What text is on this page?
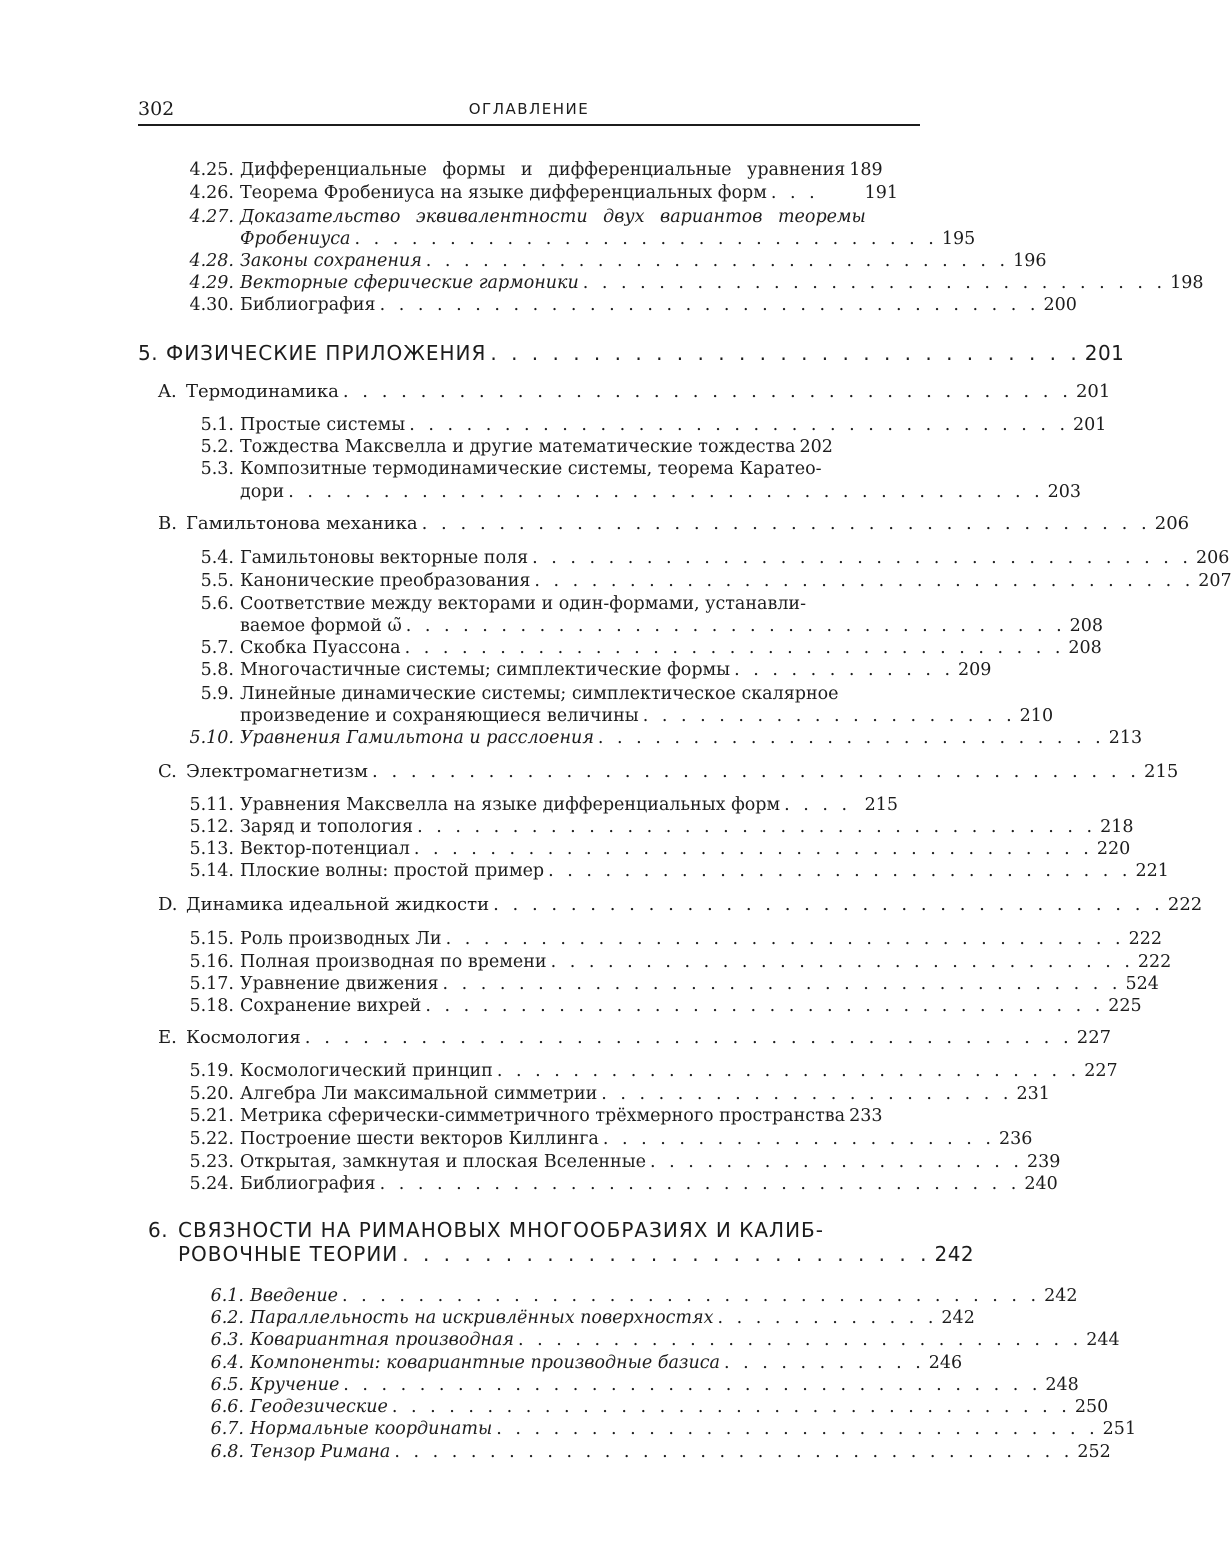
302	ОГЛАВЛЕНИЕ
4.25. Дифференциальные формы и дифференциальные уравнения 189
4.26. Теорема Фробениуса на языке дифференциальных форм . . .	191
4.27. Доказательство эквивалентности двух вариантов теоремы
Фробениуса . . . . . . . . . . . . . . . . . . . . . . . . . . . . . . . 195
4.28. Законы сохранения . . . . . . . . . . . . . . . . . . . . . . . . . . . . . . . 196
4.29. Векторные сферические гармоники . . . . . . . . . . . . . . . . . . . . . . . . . . . . . . . 198
4.30. Библиография . . . . . . . . . . . . . . . . . . . . . . . . . . . . . . . . . . . 200
5. ФИЗИЧЕСКИЕ ПРИЛОЖЕНИЯ . . . . . . . . . . . . . . . . . . . . . . . . . . . . . 201
A. Термодинамика . . . . . . . . . . . . . . . . . . . . . . . . . . . . . . . . . . . . . . 201
5.1. Простые системы . . . . . . . . . . . . . . . . . . . . . . . . . . . . . . . . . . . 201
5.2. Тождества Максвелла и другие математические тождества 202
5.3. Композитные термодинамические системы, теорема Каратео-
дори . . . . . . . . . . . . . . . . . . . . . . . . . . . . . . . . . . . . . . . . 203
B. Гамильтонова механика . . . . . . . . . . . . . . . . . . . . . . . . . . . . . . . . . . . . . . 206
5.4. Гамильтоновы векторные поля . . . . . . . . . . . . . . . . . . . . . . . . . . . . . . . . . . . 206
5.5. Канонические преобразования . . . . . . . . . . . . . . . . . . . . . . . . . . . . . . . . . . . 207
5.6. Соответствие между векторами и один-формами, устанавли-
ваемое формой ω̃ . . . . . . . . . . . . . . . . . . . . . . . . . . . . . . . . . . . 208
5.7. Скобка Пуассона . . . . . . . . . . . . . . . . . . . . . . . . . . . . . . . . . . . 208
5.8. Многочастичные системы; симплектические формы . . . . . . . . . . . . 209
5.9. Линейные динамические системы; симплектическое скалярное
произведение и сохраняющиеся величины . . . . . . . . . . . . . . . . . . . . 210
5.10. Уравнения Гамильтона и расслоения . . . . . . . . . . . . . . . . . . . . . . . . . . . 213
C. Электромагнетизм . . . . . . . . . . . . . . . . . . . . . . . . . . . . . . . . . . . . . . . . 215
5.11. Уравнения Максвелла на языке дифференциальных форм . . . . 215
5.12. Заряд и топология . . . . . . . . . . . . . . . . . . . . . . . . . . . . . . . . . . . . 218
5.13. Вектор-потенциал . . . . . . . . . . . . . . . . . . . . . . . . . . . . . . . . . . . . 220
5.14. Плоские волны: простой пример . . . . . . . . . . . . . . . . . . . . . . . . . . . . . . . 221
D. Динамика идеальной жидкости . . . . . . . . . . . . . . . . . . . . . . . . . . . . . . . . . . . 222
5.15. Роль производных Ли . . . . . . . . . . . . . . . . . . . . . . . . . . . . . . . . . . . . 222
5.16. Полная производная по времени . . . . . . . . . . . . . . . . . . . . . . . . . . . . . . . 222
5.17. Уравнение движения . . . . . . . . . . . . . . . . . . . . . . . . . . . . . . . . . . . . 524
5.18. Сохранение вихрей . . . . . . . . . . . . . . . . . . . . . . . . . . . . . . . . . . . . 225
E. Космология . . . . . . . . . . . . . . . . . . . . . . . . . . . . . . . . . . . . . . . . 227
5.19. Космологический принцип . . . . . . . . . . . . . . . . . . . . . . . . . . . . . . . 227
5.20. Алгебра Ли максимальной симметрии . . . . . . . . . . . . . . . . . . . . . . 231
5.21. Метрика сферически-симметричного трёхмерного пространства 233
5.22. Построение шести векторов Киллинга . . . . . . . . . . . . . . . . . . . . . 236
5.23. Открытая, замкнутая и плоская Вселенные . . . . . . . . . . . . . . . . . . . . 239
5.24. Библиография . . . . . . . . . . . . . . . . . . . . . . . . . . . . . . . . . . 240
6. СВЯЗНОСТИ НА РИМАНОВЫХ МНОГООБРАЗИЯХ И КАЛИБ-
РОВОЧНЫЕ ТЕОРИИ . . . . . . . . . . . . . . . . . . . . . . . . . . 242
6.1. Введение . . . . . . . . . . . . . . . . . . . . . . . . . . . . . . . . . . . . . 242
6.2. Параллельность на искривлённых поверхностях . . . . . . . . . . . . 242
6.3. Ковариантная производная . . . . . . . . . . . . . . . . . . . . . . . . . . . . . . 244
6.4. Компоненты: ковариантные производные базиса . . . . . . . . . . . 246
6.5. Кручение . . . . . . . . . . . . . . . . . . . . . . . . . . . . . . . . . . . . . 248
6.6. Геодезические . . . . . . . . . . . . . . . . . . . . . . . . . . . . . . . . . . . . 250
6.7. Нормальные координаты . . . . . . . . . . . . . . . . . . . . . . . . . . . . . . . . 251
6.8. Тензор Римана . . . . . . . . . . . . . . . . . . . . . . . . . . . . . . . . . . . . 252
